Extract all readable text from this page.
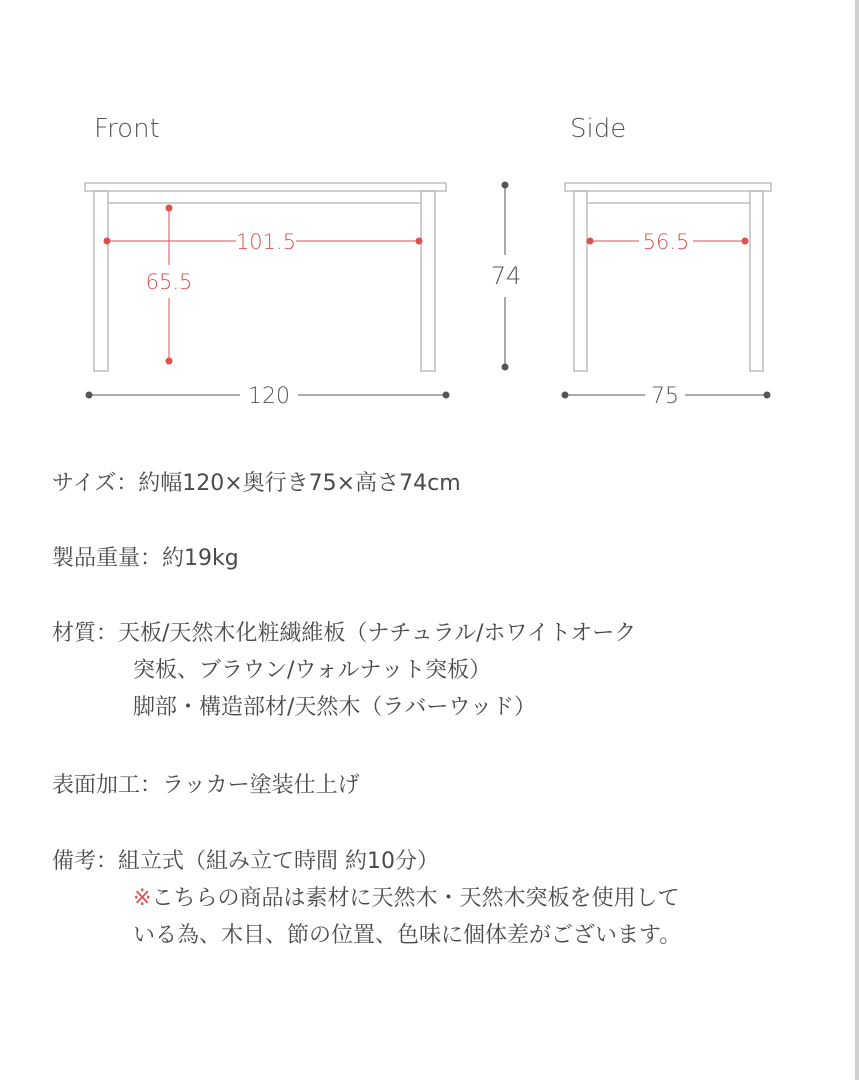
Front
101.5
65.5
120
74
Side
56.5
75
サイズ：約幅120×奥行き75×高さ74cm
製品重量：約19kg
材質： 天板/天然木化粧繊維板（ナチュラル/ホワイトオーク
突板、ブラウン/ウォルナット突板）
脚部・構造部材/天然木（ラバーウッド）
表面加工：ラッカー塗装仕上げ
備考： 組立式（組み立て時間 約10分）
※こちらの商品は素材に天然木・天然木突板を使用して
いる為、木目、節の位置、色味に個体差がございます。
